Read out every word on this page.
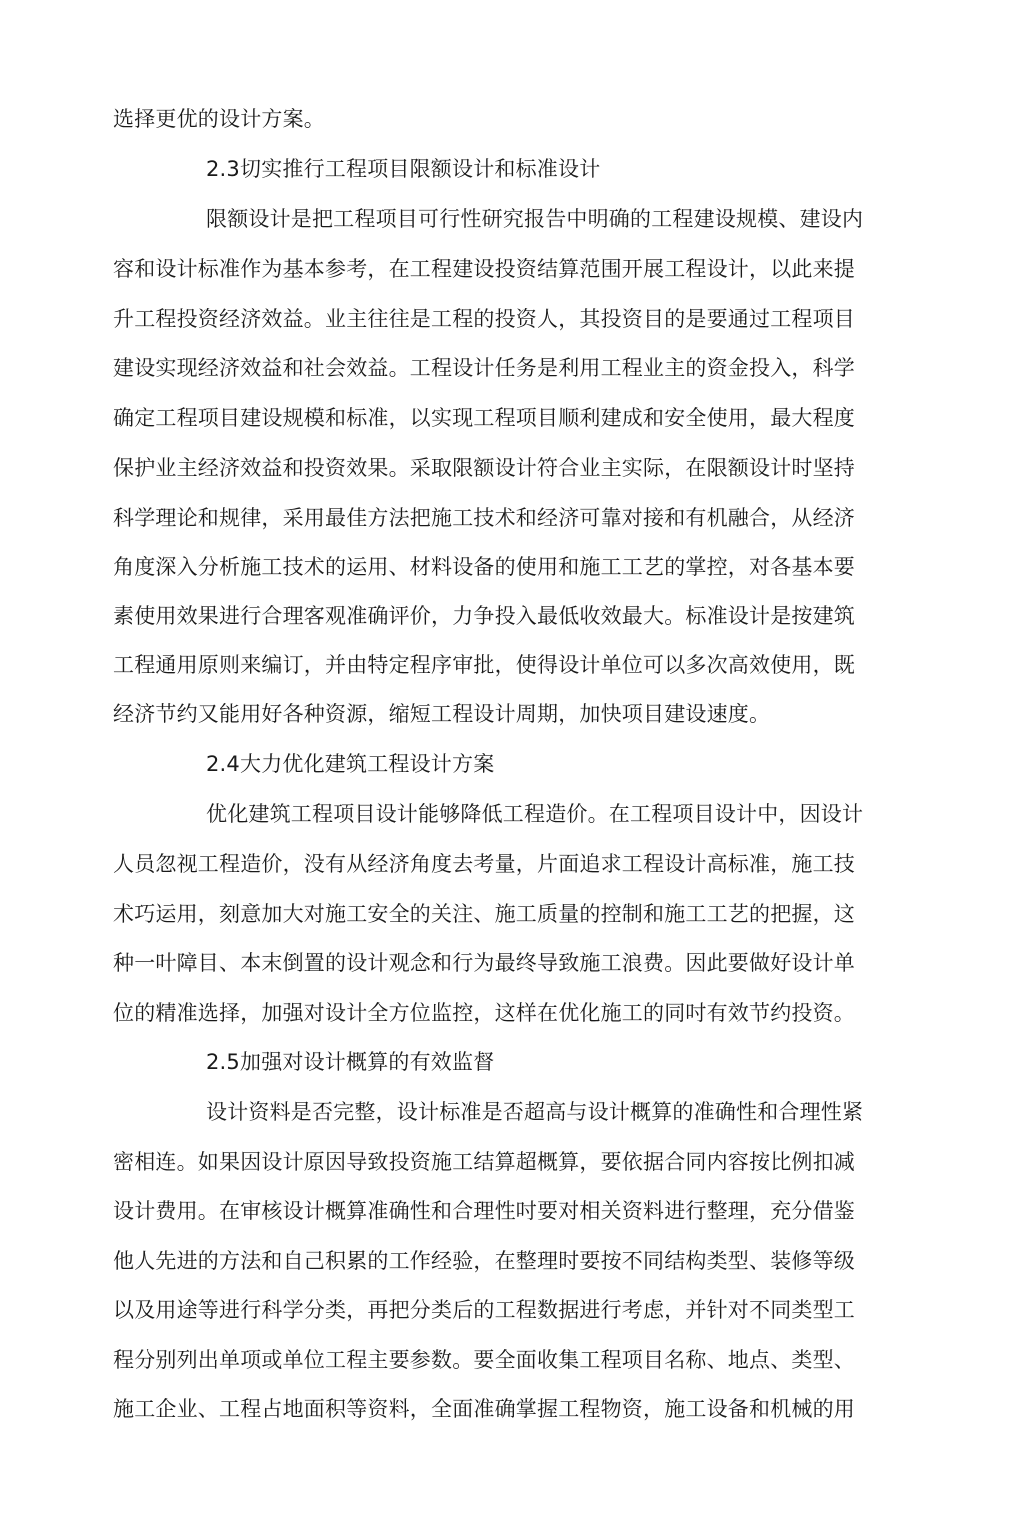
选择更优的设计方案。
2.3切实推行工程项目限额设计和标准设计
限额设计是把工程项目可行性研究报告中明确的工程建设规模、建设内
容和设计标准作为基本参考，在工程建设投资结算范围开展工程设计，以此来提
升工程投资经济效益。业主往往是工程的投资人，其投资目的是要通过工程项目
建设实现经济效益和社会效益。工程设计任务是利用工程业主的资金投入，科学
确定工程项目建设规模和标准，以实现工程项目顺利建成和安全使用，最大程度
保护业主经济效益和投资效果。采取限额设计符合业主实际，在限额设计时坚持
科学理论和规律，采用最佳方法把施工技术和经济可靠对接和有机融合，从经济
角度深入分析施工技术的运用、材料设备的使用和施工工艺的掌控，对各基本要
素使用效果进行合理客观准确评价，力争投入最低收效最大。标准设计是按建筑
工程通用原则来编订，并由特定程序审批，使得设计单位可以多次高效使用，既
经济节约又能用好各种资源，缩短工程设计周期，加快项目建设速度。
2.4大力优化建筑工程设计方案
优化建筑工程项目设计能够降低工程造价。在工程项目设计中，因设计
人员忽视工程造价，没有从经济角度去考量，片面追求工程设计高标准，施工技
术巧运用，刻意加大对施工安全的关注、施工质量的控制和施工工艺的把握，这
种一叶障目、本末倒置的设计观念和行为最终导致施工浪费。因此要做好设计单
位的精准选择，加强对设计全方位监控，这样在优化施工的同吋有效节约投资。
2.5加强对设计概算的有效监督
设计资料是否完整，设计标准是否超高与设计概算的准确性和合理性紧
密相连。如果因设计原因导致投资施工结算超概算，要依据合同内容按比例扣减
设计费用。在审核设计概算准确性和合理性吋要对相关资料进行整理，充分借鉴
他人先进的方法和自己积累的工作经验，在整理时要按不同结构类型、装修等级
以及用途等进行科学分类，再把分类后的工程数据进行考虑，并针对不同类型工
程分别列出单项或单位工程主要参数。要全面收集工程项目名称、地点、类型、
施工企业、工程占地面积等资料，全面准确掌握工程物资，施工设备和机械的用
